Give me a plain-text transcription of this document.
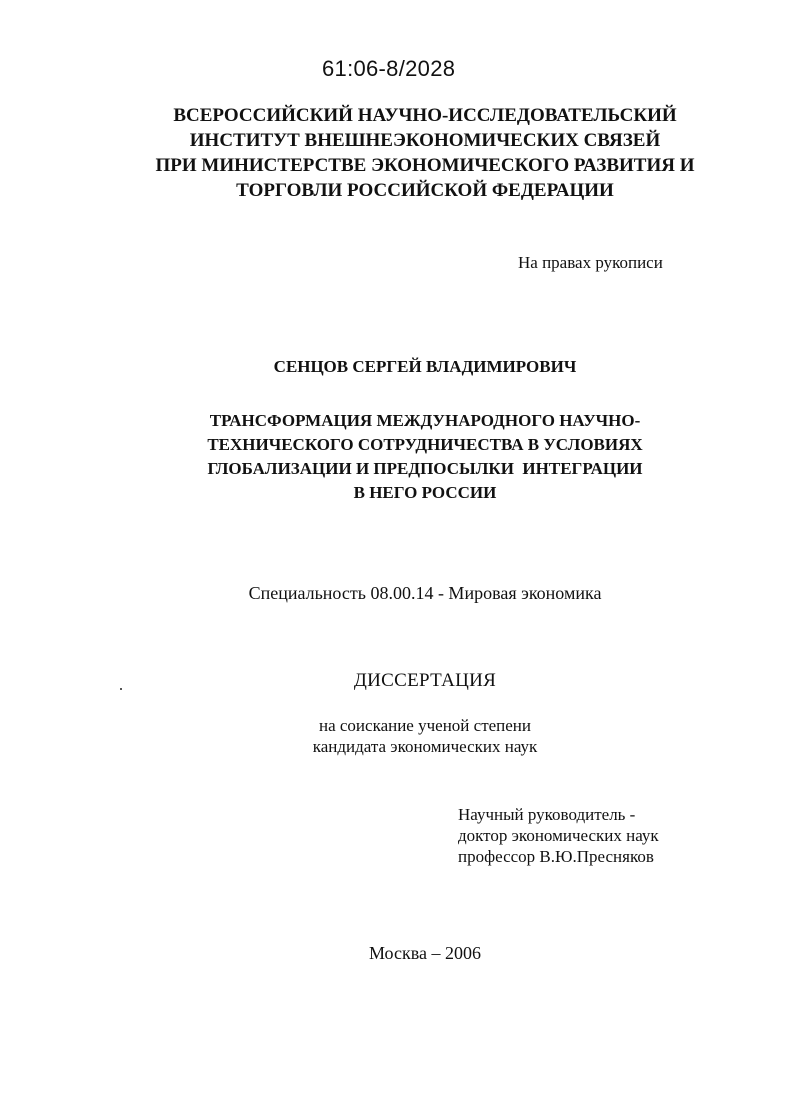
61:06-8/2028
ВСЕРОССИЙСКИЙ НАУЧНО-ИССЛЕДОВАТЕЛЬСКИЙ
ИНСТИТУТ ВНЕШНЕЭКОНОМИЧЕСКИХ СВЯЗЕЙ
ПРИ МИНИСТЕРСТВЕ ЭКОНОМИЧЕСКОГО РАЗВИТИЯ И
ТОРГОВЛИ РОССИЙСКОЙ ФЕДЕРАЦИИ
На правах рукописи
СЕНЦОВ СЕРГЕЙ ВЛАДИМИРОВИЧ
ТРАНСФОРМАЦИЯ МЕЖДУНАРОДНОГО НАУЧНО-
ТЕХНИЧЕСКОГО СОТРУДНИЧЕСТВА В УСЛОВИЯХ
ГЛОБАЛИЗАЦИИ И ПРЕДПОСЫЛКИ  ИНТЕГРАЦИИ
В НЕГО РОССИИ
Специальность 08.00.14 - Мировая экономика
ДИССЕРТАЦИЯ
на соискание ученой степени
кандидата экономических наук
Научный руководитель -
доктор экономических наук
профессор В.Ю.Пресняков
Москва – 2006
